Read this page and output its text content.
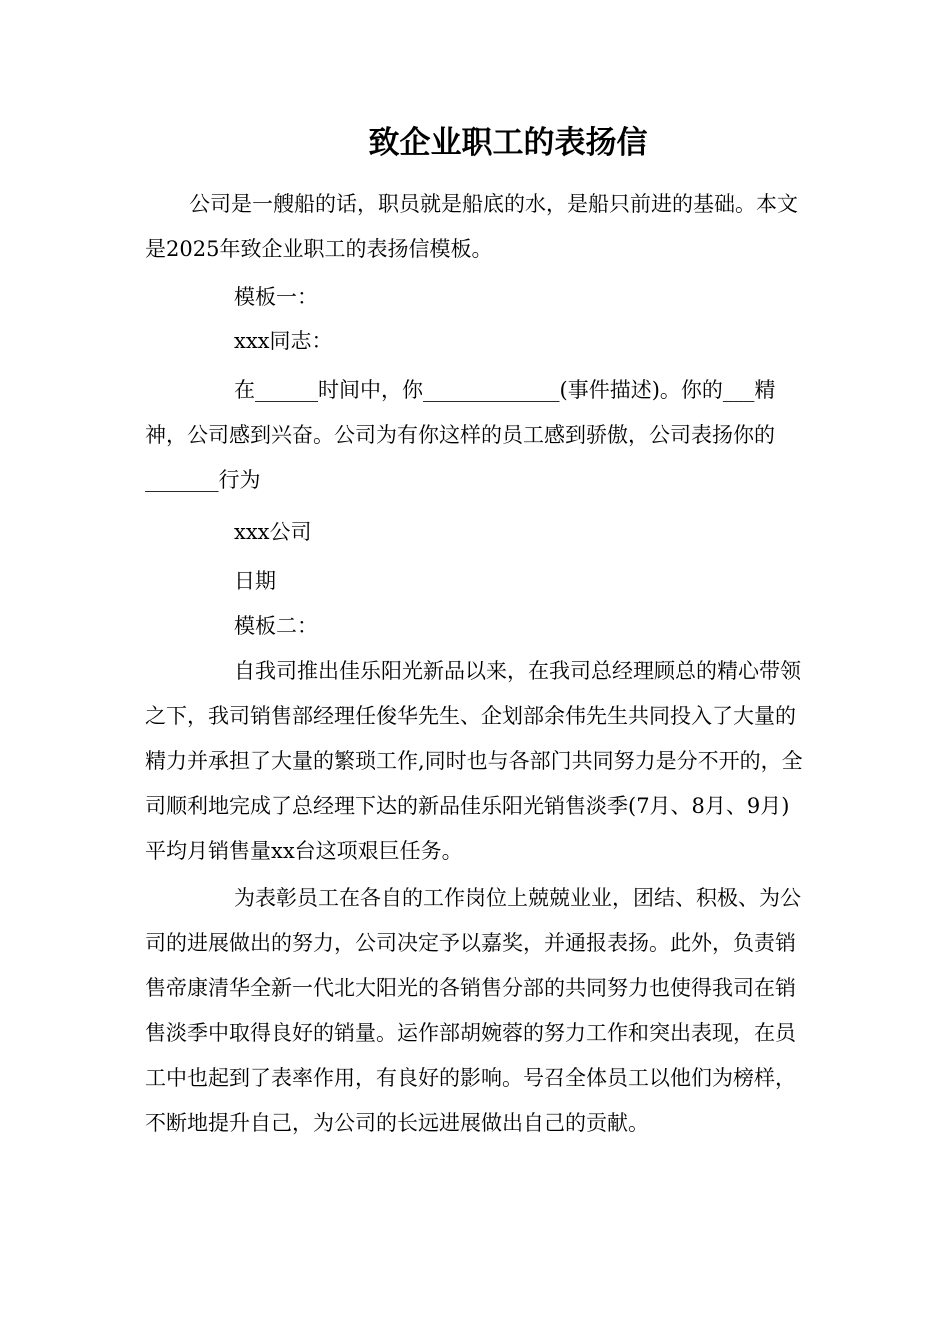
致企业职工的表扬信

公司是一艘船的话，职员就是船底的水，是船只前进的基础。本文是2025年致企业职工的表扬信模板。

模板一：

xxx同志：

在______时间中，你_____________(事件描述)。你的___精神，公司感到兴奋。公司为有你这样的员工感到骄傲，公司表扬你的_______行为

xxx公司

日期

模板二：

自我司推出佳乐阳光新品以来，在我司总经理顾总的精心带领之下，我司销售部经理任俊华先生、企划部余伟先生共同投入了大量的精力并承担了大量的繁琐工作,同时也与各部门共同努力是分不开的，全司顺利地完成了总经理下达的新品佳乐阳光销售淡季(7月、8月、9月)平均月销售量xx台这项艰巨任务。

为表彰员工在各自的工作岗位上兢兢业业，团结、积极、为公司的进展做出的努力，公司决定予以嘉奖，并通报表扬。此外，负责销售帝康清华全新一代北大阳光的各销售分部的共同努力也使得我司在销售淡季中取得良好的销量。运作部胡婉蓉的努力工作和突出表现，在员工中也起到了表率作用，有良好的影响。号召全体员工以他们为榜样，不断地提升自己，为公司的长远进展做出自己的贡献。
